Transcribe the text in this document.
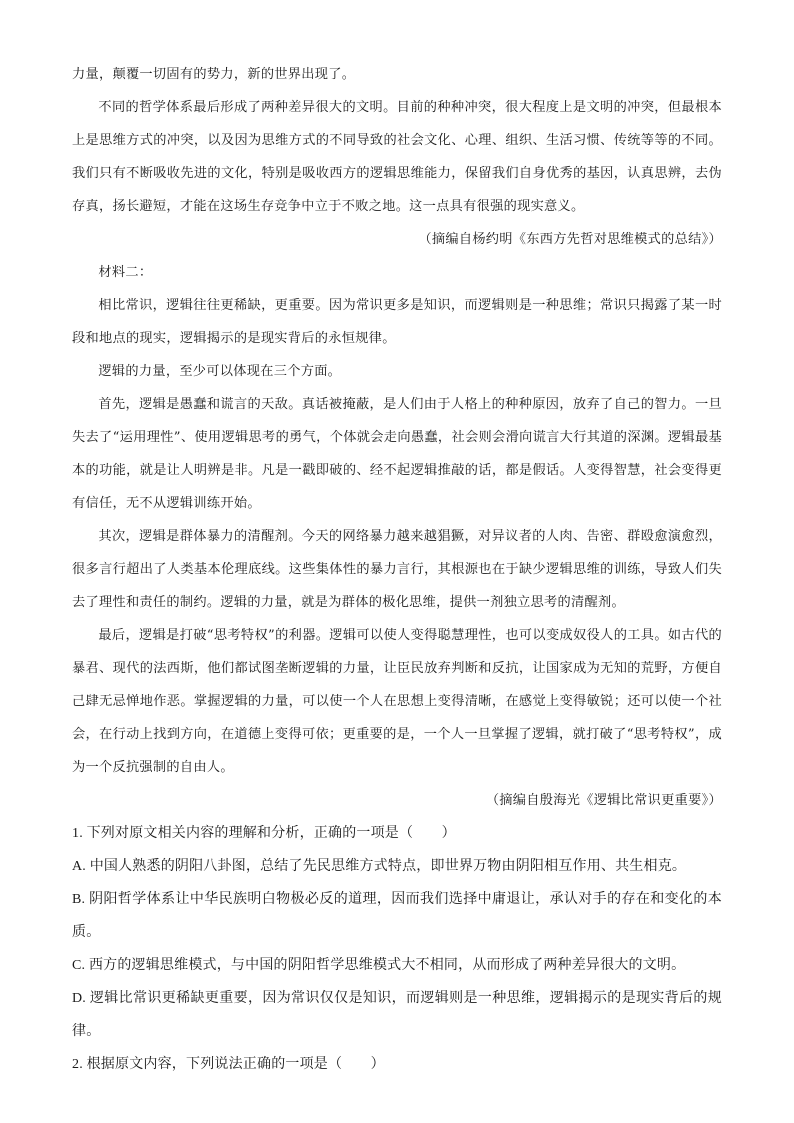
力量，颠覆一切固有的势力，新的世界出现了。

不同的哲学体系最后形成了两种差异很大的文明。目前的种种冲突，很大程度上是文明的冲突，但最根本上是思维方式的冲突，以及因为思维方式的不同导致的社会文化、心理、组织、生活习惯、传统等等的不同。我们只有不断吸收先进的文化，特别是吸收西方的逻辑思维能力，保留我们自身优秀的基因，认真思辨，去伪存真，扬长避短，才能在这场生存竞争中立于不败之地。这一点具有很强的现实意义。

（摘编自杨约明《东西方先哲对思维模式的总结》）

材料二：

相比常识，逻辑往往更稀缺，更重要。因为常识更多是知识，而逻辑则是一种思维；常识只揭露了某一时段和地点的现实，逻辑揭示的是现实背后的永恒规律。

逻辑的力量，至少可以体现在三个方面。

首先，逻辑是愚蠢和谎言的天敌。真话被掩蔽，是人们由于人格上的种种原因，放弃了自己的智力。一旦失去了“运用理性”、使用逻辑思考的勇气，个体就会走向愚蠢，社会则会滑向谎言大行其道的深渊。逻辑最基本的功能，就是让人明辨是非。凡是一戳即破的、经不起逻辑推敲的话，都是假话。人变得智慧，社会变得更有信任，无不从逻辑训练开始。

其次，逻辑是群体暴力的清醒剂。今天的网络暴力越来越猖獗，对异议者的人肉、告密、群殴愈演愈烈，很多言行超出了人类基本伦理底线。这些集体性的暴力言行，其根源也在于缺少逻辑思维的训练，导致人们失去了理性和责任的制约。逻辑的力量，就是为群体的极化思维，提供一剂独立思考的清醒剂。

最后，逻辑是打破“思考特权”的利器。逻辑可以使人变得聪慧理性，也可以变成奴役人的工具。如古代的暴君、现代的法西斯，他们都试图垄断逻辑的力量，让臣民放弃判断和反抗，让国家成为无知的荒野，方便自己肆无忌惮地作恶。掌握逻辑的力量，可以使一个人在思想上变得清晰，在感觉上变得敏锐；还可以使一个社会，在行动上找到方向，在道德上变得可依；更重要的是，一个人一旦掌握了逻辑，就打破了“思考特权”，成为一个反抗强制的自由人。

（摘编自殷海光《逻辑比常识更重要》）

1. 下列对原文相关内容的理解和分析，正确的一项是（　　）

A. 中国人熟悉的阴阳八卦图，总结了先民思维方式特点，即世界万物由阴阳相互作用、共生相克。

B. 阴阳哲学体系让中华民族明白物极必反的道理，因而我们选择中庸退让，承认对手的存在和变化的本质。

C. 西方的逻辑思维模式，与中国的阴阳哲学思维模式大不相同，从而形成了两种差异很大的文明。

D. 逻辑比常识更稀缺更重要，因为常识仅仅是知识，而逻辑则是一种思维，逻辑揭示的是现实背后的规律。

2. 根据原文内容，下列说法正确的一项是（　　）
